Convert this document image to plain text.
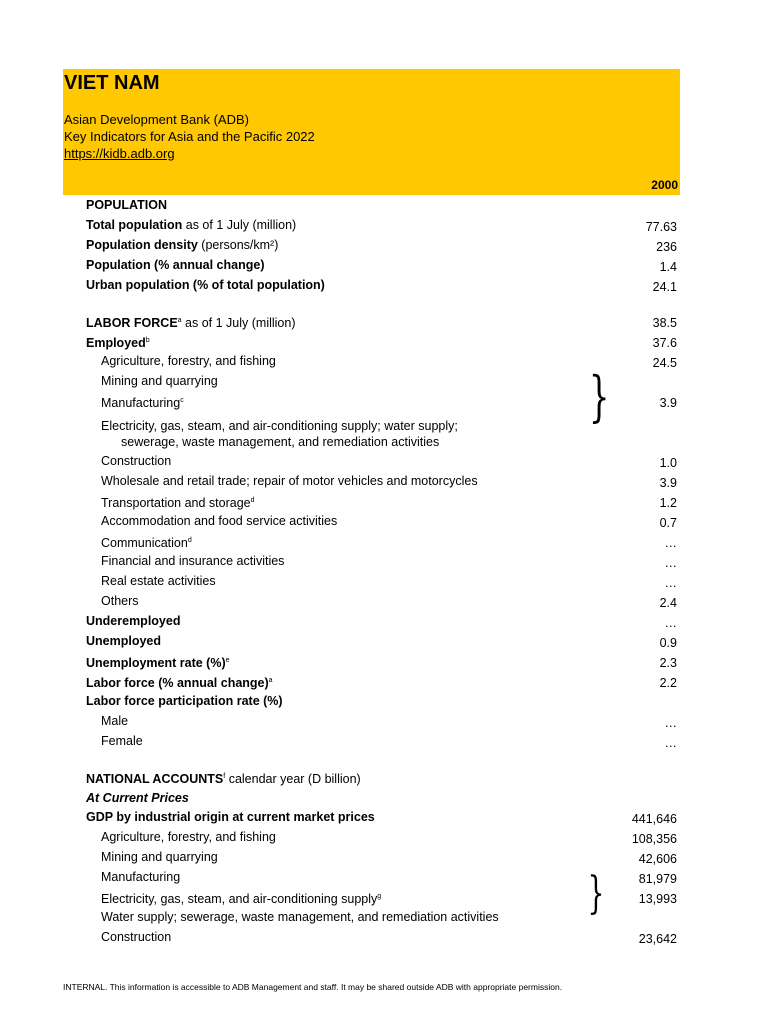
VIET NAM
Asian Development Bank (ADB)
Key Indicators for Asia and the Pacific 2022
https://kidb.adb.org
2000
POPULATION
Total population as of 1 July (million)	77.63
Population density (persons/km²)	236
Population (% annual change)	1.4
Urban population (% of total population)	24.1
LABOR FORCE$^a$ as of 1 July (million)	38.5
Employed$^b$	37.6
Agriculture, forestry, and fishing	24.5
Mining and quarrying
Manufacturing$^c$	3.9
Electricity, gas, steam, and air-conditioning supply; water supply;
sewerage, waste management, and remediation activities
}
Construction	1.0
Wholesale and retail trade; repair of motor vehicles and motorcycles	3.9
Transportation and storage$^d$	1.2
Accommodation and food service activities	0.7
Communication$^d$	…
Financial and insurance activities	…
Real estate activities	…
Others	2.4
Underemployed	…
Unemployed	0.9
Unemployment rate (%)$^e$	2.3
Labor force (% annual change)$^a$	2.2
Labor force participation rate (%)
Male	…
Female	…
NATIONAL ACCOUNTS$^f$ calendar year (D billion)
At Current Prices
GDP by industrial origin at current market prices	441,646
Agriculture, forestry, and fishing	108,356
Mining and quarrying	42,606
Manufacturing	81,979
Electricity, gas, steam, and air-conditioning supply$^g$	13,993
Water supply; sewerage, waste management, and remediation activities }
Construction	23,642
INTERNAL. This information is accessible to ADB Management and staff. It may be shared outside ADB with appropriate permission.
